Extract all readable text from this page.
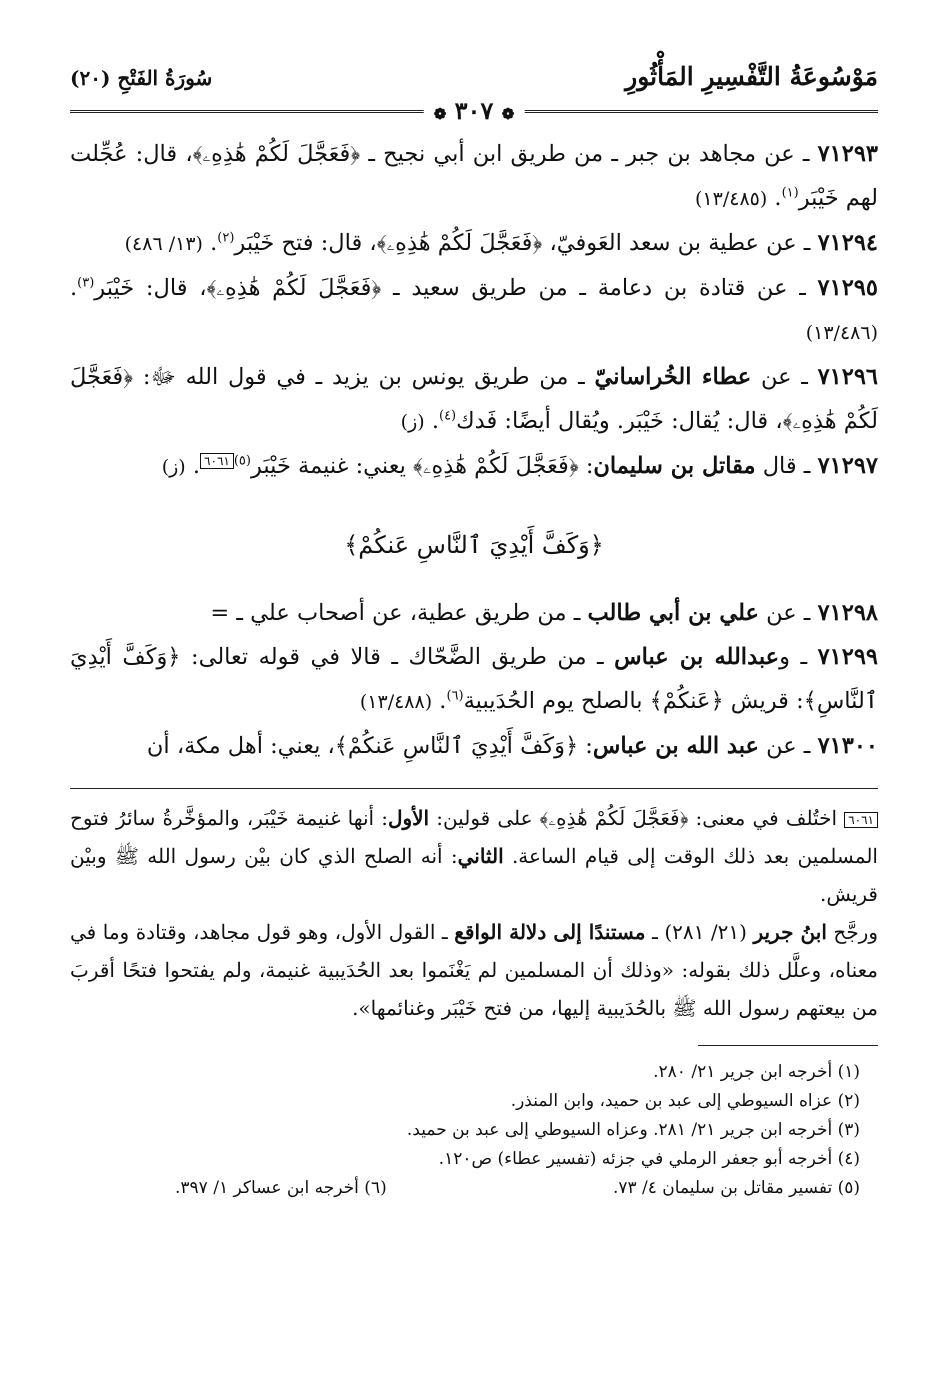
مَوْسُوعَةُ التَّفْسِيرِ المَأْثُورِ
سُورَةُ الفَتْحِ (٢٠)
❁ ٣٠٧ ❁

٧١٢٩٣ ـ عن مجاهد بن جبر ـ من طريق ابن أبي نجيح ـ ﴿فَعَجَّلَ لَكُمْ هَٰذِهِۦ﴾، قال: عُجِّلت لهم خَيْبَر$^{(١)}$. (١٣/٤٨٥)

٧١٢٩٤ ـ عن عطية بن سعد العَوفيّ، ﴿فَعَجَّلَ لَكُمْ هَٰذِهِۦ﴾، قال: فتح خَيْبَر$^{(٢)}$. (١٣/ ٤٨٦)

٧١٢٩٥ ـ عن قتادة بن دعامة ـ من طريق سعيد ـ ﴿فَعَجَّلَ لَكُمْ هَٰذِهِۦ﴾، قال: خَيْبَر$^{(٣)}$. (١٣/٤٨٦)

٧١٢٩٦ ـ عن عطاء الخُراسانيّ ـ من طريق يونس بن يزيد ـ في قول الله ﷻ: ﴿فَعَجَّلَ لَكُمْ هَٰذِهِۦ﴾، قال: يُقال: خَيْبَر. ويُقال أيضًا: فَدك$^{(٤)}$. (ز)

٧١٢٩٧ ـ قال مقاتل بن سليمان: ﴿فَعَجَّلَ لَكُمْ هَٰذِهِۦ﴾ يعني: غنيمة خَيْبَر$^{(٥)}$٦٠٦١. (ز)

﴿وَكَفَّ أَيْدِيَ ٱلنَّاسِ عَنكُمْ﴾

٧١٢٩٨ ـ عن علي بن أبي طالب ـ من طريق عطية، عن أصحاب علي ـ =

٧١٢٩٩ ـ وعبدالله بن عباس ـ من طريق الضَّحّاك ـ قالا في قوله تعالى: ﴿وَكَفَّ أَيْدِيَ ٱلنَّاسِ﴾: قريش ﴿عَنكُمْ﴾ بالصلح يوم الحُدَيبية$^{(٦)}$. (١٣/٤٨٨)

٧١٣٠٠ ـ عن عبد الله بن عباس: ﴿وَكَفَّ أَيْدِيَ ٱلنَّاسِ عَنكُمْ﴾، يعني: أهل مكة، أن

٦٠٦١ اختُلف في معنى: ﴿فَعَجَّلَ لَكُمْ هَٰذِهِۦ﴾ على قولين: الأول: أنها غنيمة خَيْبَر، والمؤخَّرةُ سائرُ فتوح المسلمين بعد ذلك الوقت إلى قيام الساعة. الثاني: أنه الصلح الذي كان بيْن رسول الله ﷺ وبيْن قريش.

ورجَّح ابنُ جرير (٢١/ ٢٨١) ـ مستندًا إلى دلالة الواقع ـ القول الأول، وهو قول مجاهد، وقتادة وما في معناه، وعلَّل ذلك بقوله: «وذلك أن المسلمين لم يَغْنَموا بعد الحُدَيبية غنيمة، ولم يفتحوا فتحًا أقربَ من بيعتهم رسول الله ﷺ بالحُدَيبية إليها، من فتح خَيْبَر وغنائمها».

(١) أخرجه ابن جرير ٢١/ ٢٨٠.
(٢) عزاه السيوطي إلى عبد بن حميد، وابن المنذر.
(٣) أخرجه ابن جرير ٢١/ ٢٨١. وعزاه السيوطي إلى عبد بن حميد.
(٤) أخرجه أبو جعفر الرملي في جزئه (تفسير عطاء) ص١٢٠.
(٥) تفسير مقاتل بن سليمان ٤/ ٧٣.
(٦) أخرجه ابن عساكر ١/ ٣٩٧.
